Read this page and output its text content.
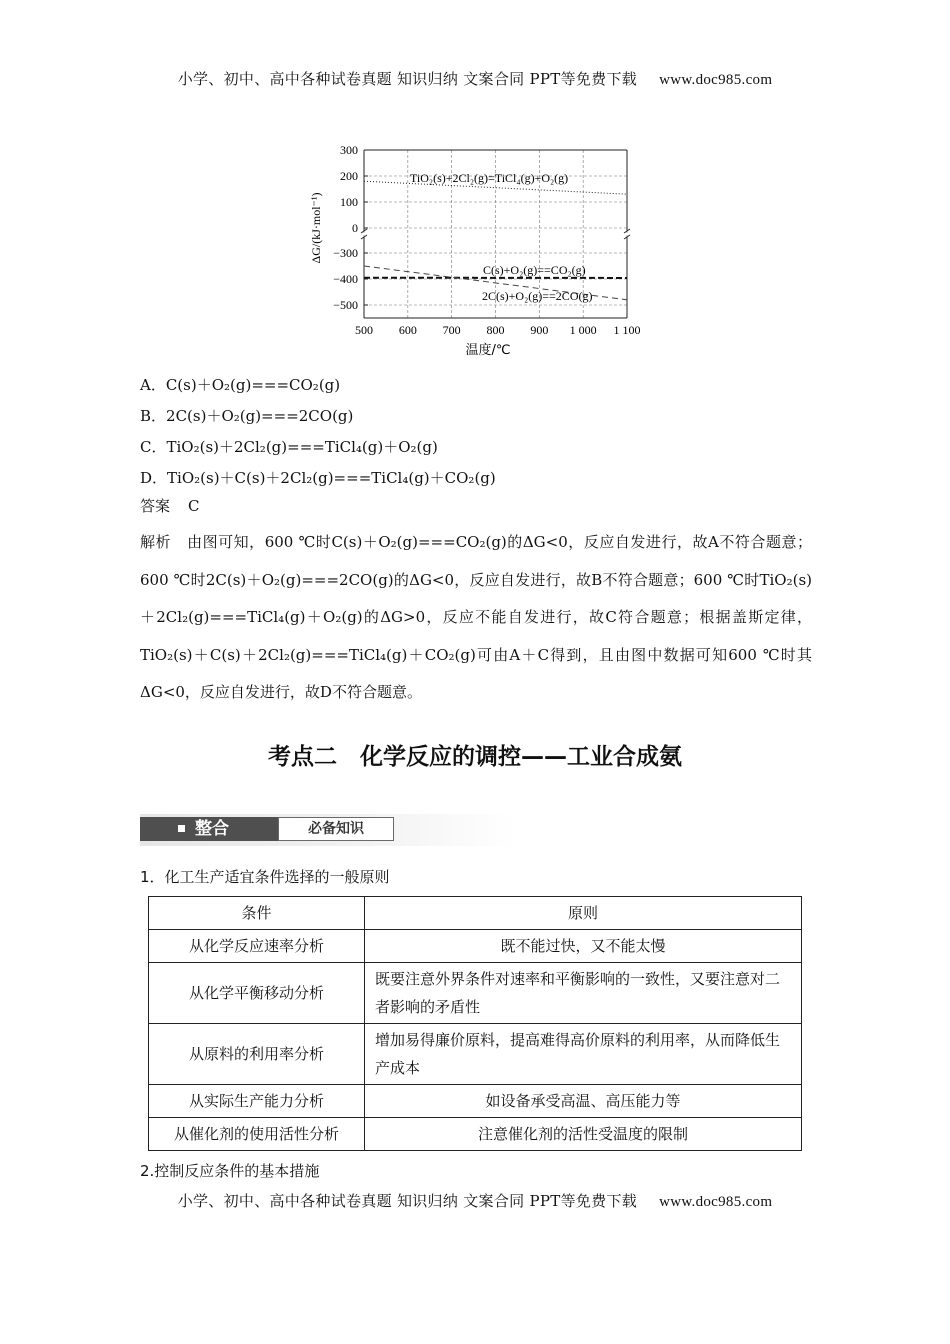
小学、初中、高中各种试卷真题 知识归纳 文案合同 PPT等免费下载 www.doc985.com
500 600 700 800 900 1 000 1 100
300
200
100
0
−300
−400
−500
TiO₂(s)+2Cl₂(g)=TiCl₄(g)+O₂(g)
C(s)+O₂(g)==CO₂(g)
2C(s)+O₂(g)==2CO(g)
温度/℃
ΔG/(kJ·mol⁻¹)
A．C(s)＋O₂(g)===CO₂(g)
B．2C(s)＋O₂(g)===2CO(g)
C．TiO₂(s)＋2Cl₂(g)===TiCl₄(g)＋O₂(g)
D．TiO₂(s)＋C(s)＋2Cl₂(g)===TiCl₄(g)＋CO₂(g)
答案 C
解析 由图可知，600 ℃时C(s)＋O₂(g)===CO₂(g)的ΔG<0，反应自发进行，故A不符合题意；600 ℃时2C(s)＋O₂(g)===2CO(g)的ΔG<0，反应自发进行，故B不符合题意；600 ℃时TiO₂(s)＋2Cl₂(g)===TiCl₄(g)＋O₂(g)的ΔG>0，反应不能自发进行，故C符合题意；根据盖斯定律，TiO₂(s)＋C(s)＋2Cl₂(g)===TiCl₄(g)＋CO₂(g)可由A＋C得到，且由图中数据可知600 ℃时其ΔG<0，反应自发进行，故D不符合题意。
考点二　化学反应的调控——工业合成氨
整合	必备知识
1．化工生产适宜条件选择的一般原则
条件	原则
从化学反应速率分析	既不能过快，又不能太慢
从化学平衡移动分析	既要注意外界条件对速率和平衡影响的一致性，又要注意对二者影响的矛盾性
从原料的利用率分析	增加易得廉价原料，提高难得高价原料的利用率，从而降低生产成本
从实际生产能力分析	如设备承受高温、高压能力等
从催化剂的使用活性分析	注意催化剂的活性受温度的限制
2.控制反应条件的基本措施
小学、初中、高中各种试卷真题 知识归纳 文案合同 PPT等免费下载 www.doc985.com
